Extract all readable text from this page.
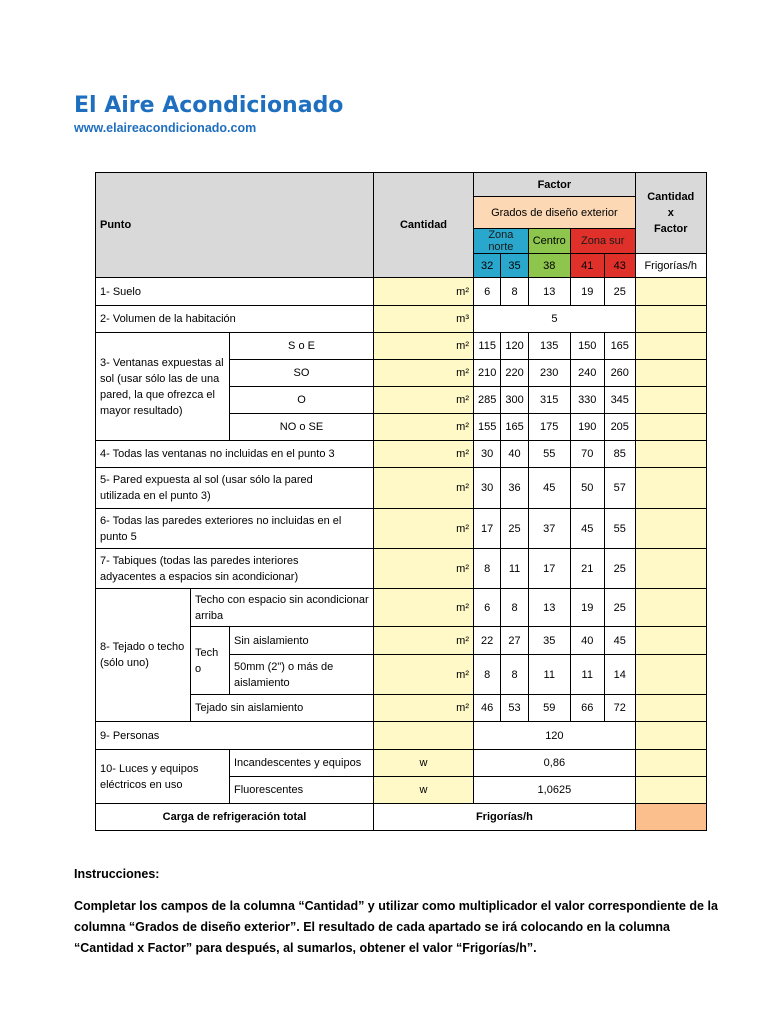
El Aire Acondicionado
www.elaireacondicionado.com
Punto			Cantidad	Factor					Cantidad
x
Factor
				Grados de diseño exterior					
				Zona norte		Centro	Zona sur		
				32	35	38	41	43	Frigorías/h
1- Suelo			m²	6	8	13	19	25	
2- Volumen de la habitación			m³	5					
3- Ventanas expuestas al sol (usar sólo las de una pared, la que ofrezca el mayor resultado)		S o E	m²	115	120	135	150	165	
		SO	m²	210	220	230	240	260	
		O	m²	285	300	315	330	345	
		NO o SE	m²	155	165	175	190	205	
4- Todas las ventanas no incluidas en el punto 3			m²	30	40	55	70	85	
5- Pared expuesta al sol (usar sólo la pared utilizada en el punto 3)			m²	30	36	45	50	57	
6- Todas las paredes exteriores no incluidas en el punto 5			m²	17	25	37	45	55	
7- Tabiques (todas las paredes interiores adyacentes a espacios sin acondicionar)			m²	8	11	17	21	25	
8- Tejado o techo (sólo uno)	Techo con espacio sin acondicionar arriba		m²	6	8	13	19	25	
	Techo	Sin aislamiento	m²	22	27	35	40	45	
		50mm (2") o más de aislamiento	m²	8	8	11	11	14	
	Tejado sin aislamiento		m²	46	53	59	66	72	
9- Personas				120					
10- Luces y equipos eléctricos en uso		Incandescentes y equipos	w	0,86					
		Fluorescentes	w	1,0625					
Carga de refrigeración total			Frigorías/h						
Instrucciones:
Completar los campos de la columna “Cantidad” y utilizar como multiplicador el valor correspondiente de la
columna “Grados de diseño exterior”. El resultado de cada apartado se irá colocando en la columna
“Cantidad x Factor” para después, al sumarlos, obtener el valor “Frigorías/h”.
